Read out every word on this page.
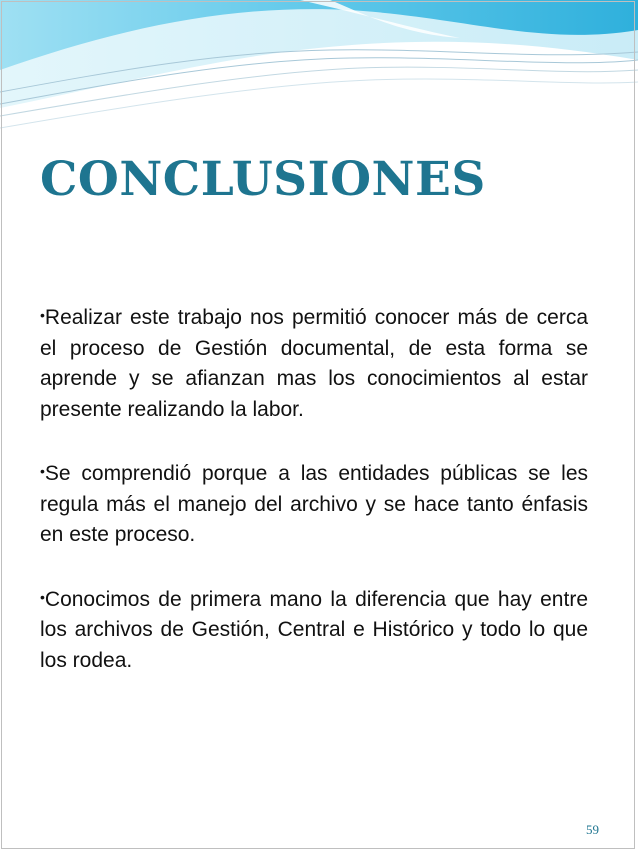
CONCLUSIONES

•Realizar este trabajo nos permitió conocer más de cerca el proceso de Gestión documental, de esta forma se aprende y se afianzan mas los conocimientos al estar presente realizando la labor.

•Se comprendió porque a las entidades públicas se les regula más el manejo del archivo y se hace tanto énfasis en este proceso.

•Conocimos de primera mano la diferencia que hay entre los archivos de Gestión, Central e Histórico y todo lo que los rodea.

59
